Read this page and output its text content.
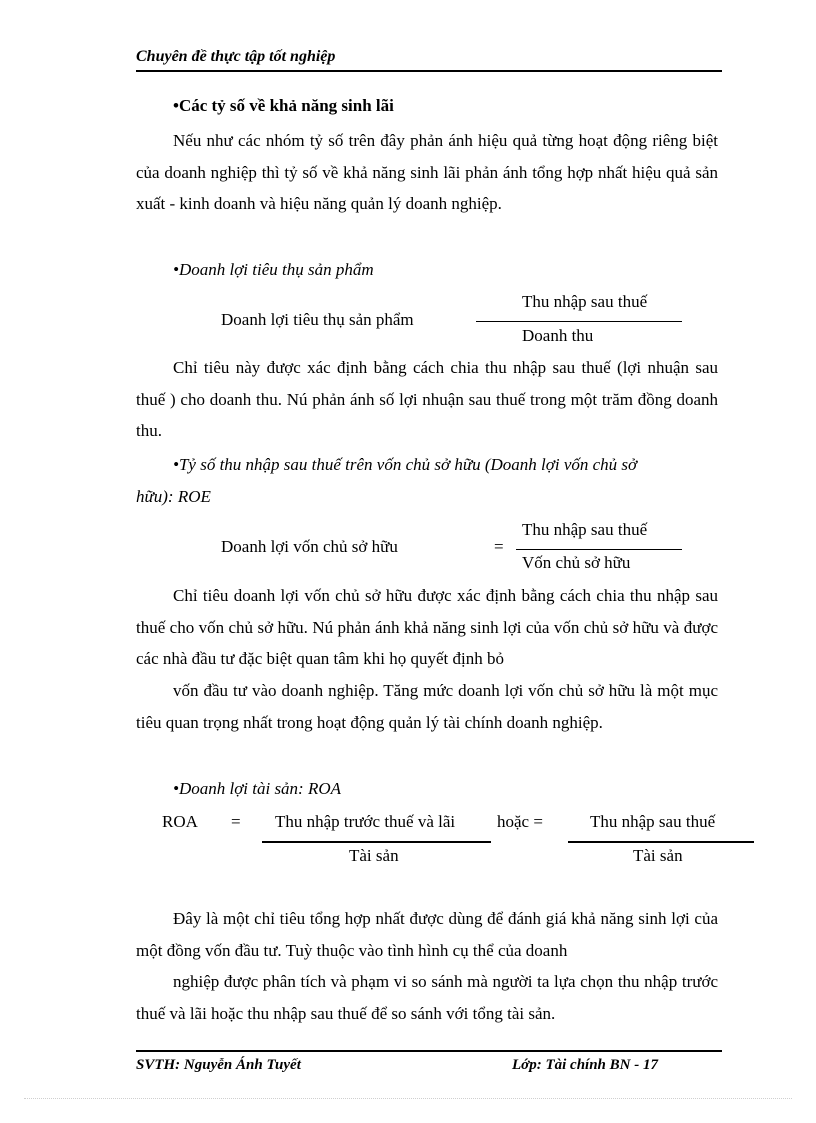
Chuyên đề thực tập tốt nghiệp
•Các tỷ số về khả năng sinh lãi
Nếu như các nhóm tỷ số trên đây phản ánh hiệu quả từng hoạt động riêng biệt của doanh nghiệp thì tỷ số về khả năng sinh lãi phản ánh tổng hợp nhất hiệu quả sản xuất - kinh doanh và hiệu năng quản lý doanh nghiệp.
•Doanh lợi tiêu thụ sản phẩm
Doanh lợi tiêu thụ sản phẩm
Thu nhập sau thuế
Doanh thu
Chỉ tiêu này được xác định bằng cách chia thu nhập sau thuế (lợi nhuận sau thuế ) cho doanh thu. Nú phản ánh số lợi nhuận sau thuế trong một trăm đồng doanh thu.
•Tỷ số thu nhập sau thuế trên vốn chủ sở hữu (Doanh lợi vốn chủ sở
hữu): ROE
Doanh lợi vốn chủ sở hữu	=
Thu nhập sau thuế
Vốn chủ sở hữu
Chỉ tiêu doanh lợi vốn chủ sở hữu được xác định bằng cách chia thu nhập sau thuế cho vốn chủ sở hữu. Nú phản ánh khả năng sinh lợi của vốn chủ sở hữu và được các nhà đầu tư đặc biệt quan tâm khi họ quyết định bỏ
vốn đầu tư vào doanh nghiệp. Tăng mức doanh lợi vốn chủ sở hữu là một mục tiêu quan trọng nhất trong hoạt động quản lý tài chính doanh nghiệp.
•Doanh lợi tài sản: ROA
ROA = Thu nhập trước thuế và lãi
Tài sản
hoặc =	Thu nhập sau thuế
Tài sản
Đây là một chỉ tiêu tổng hợp nhất được dùng để đánh giá khả năng sinh lợi của một đồng vốn đầu tư. Tuỳ thuộc vào tình hình cụ thể của doanh
nghiệp được phân tích và phạm vi so sánh mà người ta lựa chọn thu nhập trước thuế và lãi hoặc thu nhập sau thuế để so sánh với tổng tài sản.
SVTH: Nguyễn Ánh Tuyết	Lớp: Tài chính BN - 17
